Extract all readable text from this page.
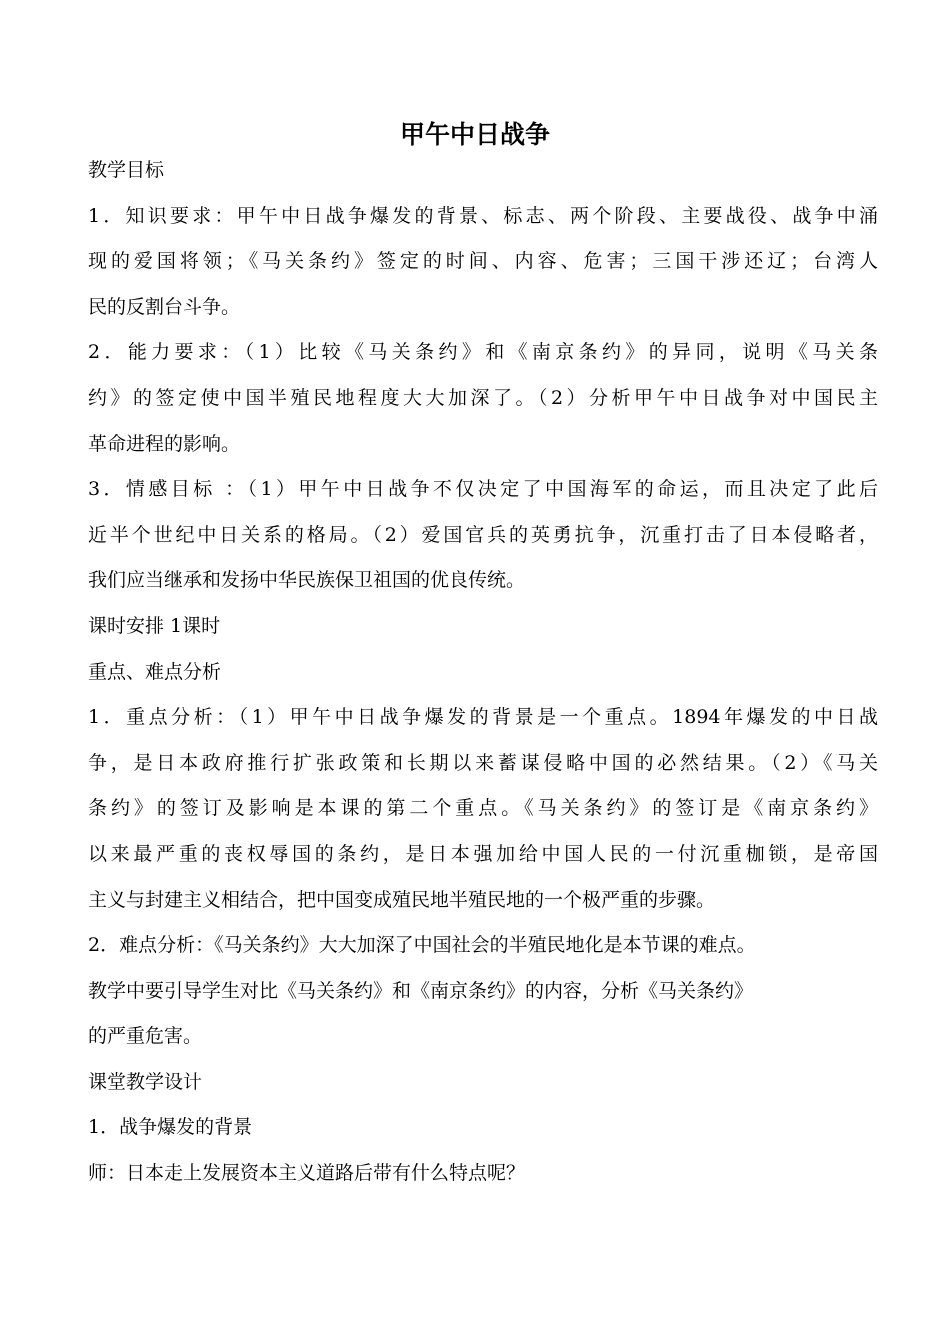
甲午中日战争
教学目标
1．知识要求：甲午中日战争爆发的背景、标志、两个阶段、主要战役、战争中涌
现的爱国将领；《马关条约》签定的时间、内容、危害；三国干涉还辽；台湾人
民的反割台斗争。
2．能力要求：（1）比较《马关条约》和《南京条约》的异同，说明《马关条
约》的签定使中国半殖民地程度大大加深了。（2）分析甲午中日战争对中国民主
革命进程的影响。
3．情感目标 ：（1）甲午中日战争不仅决定了中国海军的命运，而且决定了此后
近半个世纪中日关系的格局。（2）爱国官兵的英勇抗争，沉重打击了日本侵略者，
我们应当继承和发扬中华民族保卫祖国的优良传统。
课时安排 1课时
重点、难点分析
1．重点分析：（1）甲午中日战争爆发的背景是一个重点。1894年爆发的中日战
争，是日本政府推行扩张政策和长期以来蓄谋侵略中国的必然结果。（2）《马关
条约》的签订及影响是本课的第二个重点。《马关条约》的签订是《南京条约》
以来最严重的丧权辱国的条约，是日本强加给中国人民的一付沉重枷锁，是帝国
主义与封建主义相结合，把中国变成殖民地半殖民地的一个极严重的步骤。
2．难点分析：《马关条约》大大加深了中国社会的半殖民地化是本节课的难点。
教学中要引导学生对比《马关条约》和《南京条约》的内容，分析《马关条约》
的严重危害。
课堂教学设计
1．战争爆发的背景
师：日本走上发展资本主义道路后带有什么特点呢？
